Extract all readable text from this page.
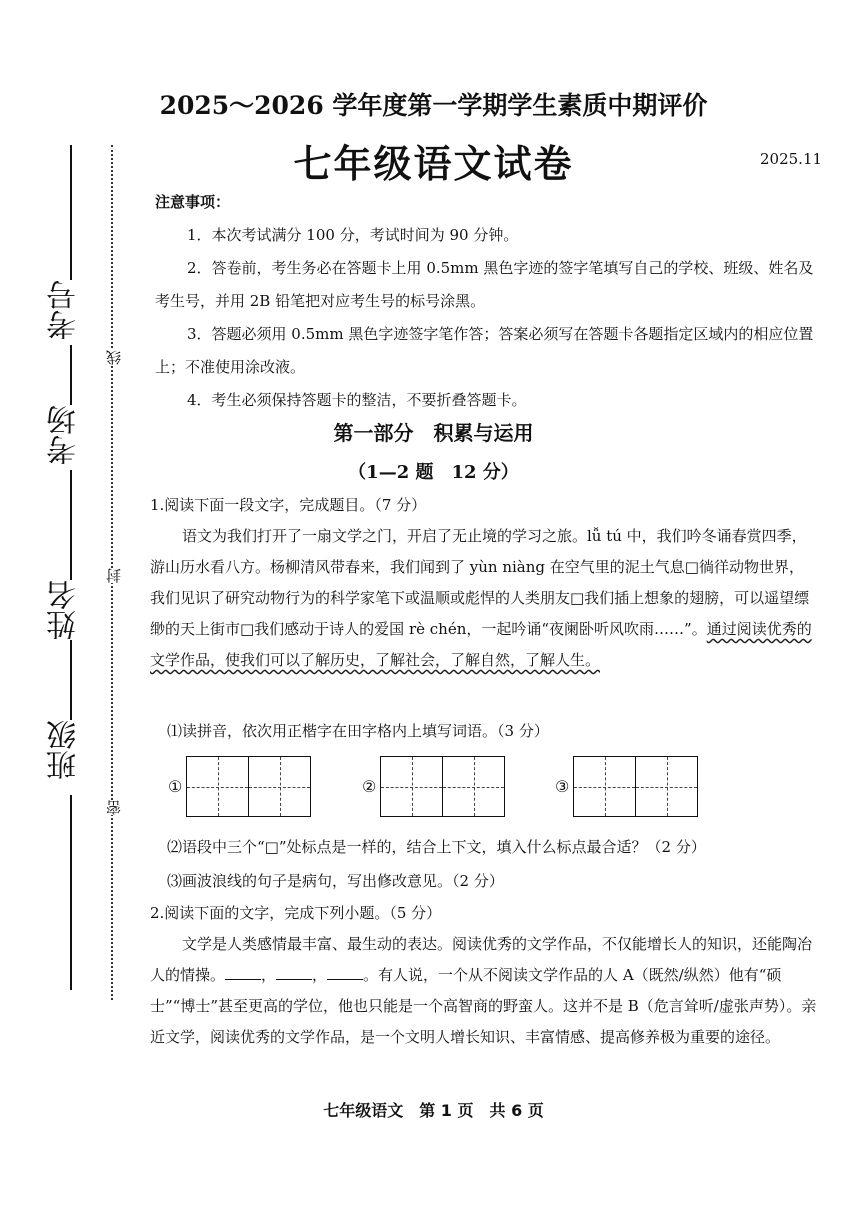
考号
考场
姓名
班级
线
封
密
2025～2026 学年度第一学期学生素质中期评价
七年级语文试卷	2025.11
注意事项：
1．本次考试满分 100 分，考试时间为 90 分钟。
2．答卷前，考生务必在答题卡上用 0.5mm 黑色字迹的签字笔填写自己的学校、班级、姓名及考生号，并用 2B 铅笔把对应考生号的标号涂黑。
3．答题必须用 0.5mm 黑色字迹签字笔作答；答案必须写在答题卡各题指定区域内的相应位置上；不准使用涂改液。
4．考生必须保持答题卡的整洁，不要折叠答题卡。
第一部分　积累与运用
（1—2 题　12 分）
1.阅读下面一段文字，完成题目。（7 分）
语文为我们打开了一扇文学之门，开启了无止境的学习之旅。lǚ tú 中，我们吟冬诵春赏四季，游山历水看八方。杨柳清风带春来，我们闻到了 yùn niàng 在空气里的泥土气息□徜徉动物世界，我们见识了研究动物行为的科学家笔下或温顺或彪悍的人类朋友□我们插上想象的翅膀，可以遥望缥缈的天上街市□我们感动于诗人的爱国 rè chén，一起吟诵“夜阑卧听风吹雨……”。通过阅读优秀的文学作品，使我们可以了解历史，了解社会，了解自然，了解人生。
⑴读拼音，依次用正楷字在田字格内上填写词语。（3 分）
①	②	③
⑵语段中三个“□”处标点是一样的，结合上下文，填入什么标点最合适？（2 分）
⑶画波浪线的句子是病句，写出修改意见。（2 分）
2.阅读下面的文字，完成下列小题。（5 分）
文学是人类感情最丰富、最生动的表达。阅读优秀的文学作品，不仅能增长人的知识，还能陶冶人的情操。 ， ， 。有人说，一个从不阅读文学作品的人 A（既然/纵然）他有“硕士”“博士”甚至更高的学位，他也只能是一个高智商的野蛮人。这并不是 B（危言耸听/虚张声势）。亲近文学，阅读优秀的文学作品，是一个文明人增长知识、丰富情感、提高修养极为重要的途径。
七年级语文　第 1 页　共 6 页
